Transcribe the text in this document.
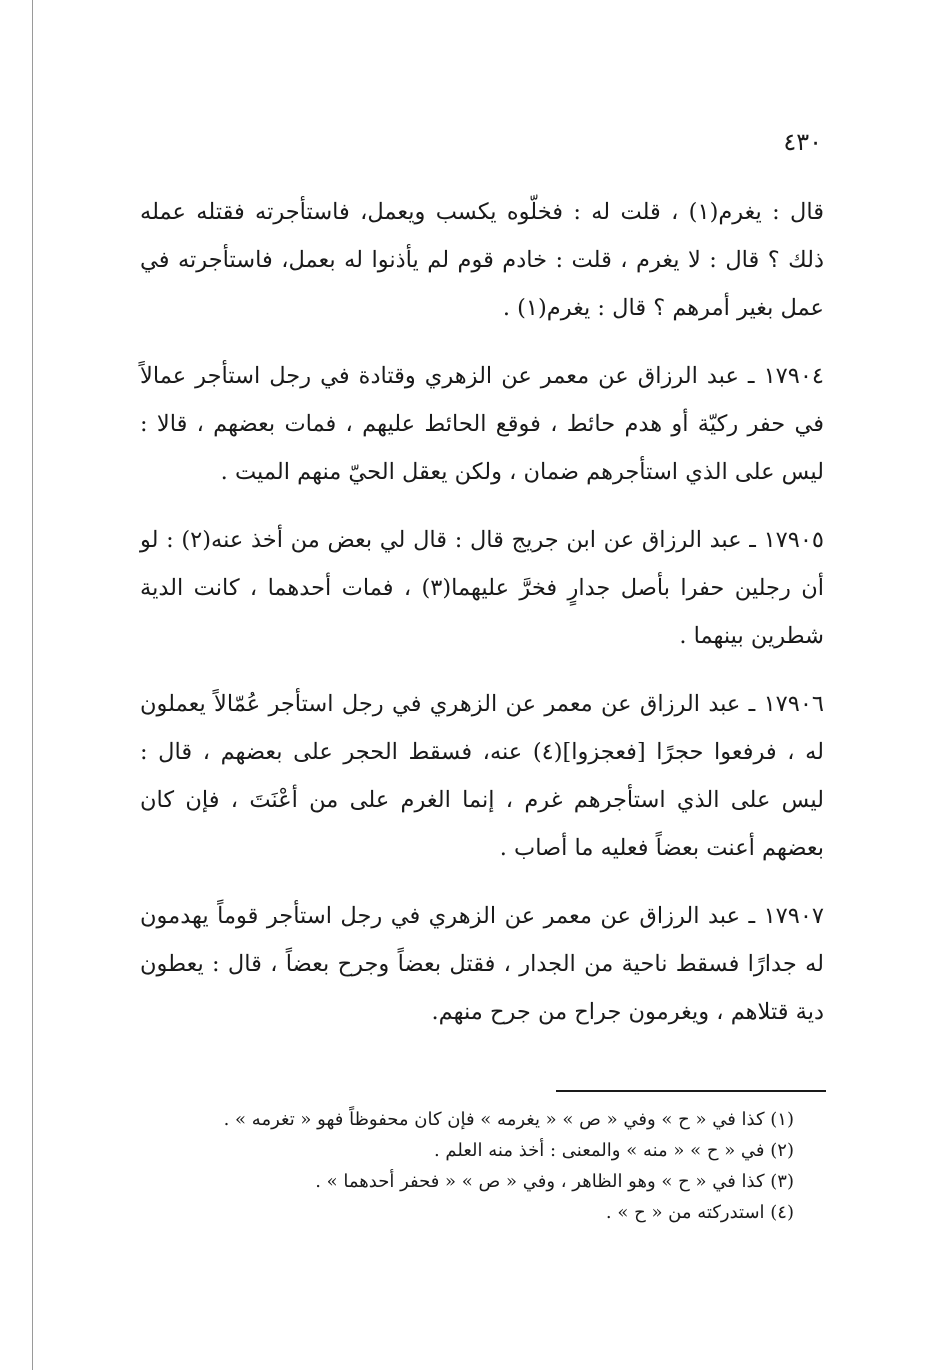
٤٣٠

قال : يغرم(١) ، قلت له : فخلّوه يكسب ويعمل، فاستأجرته فقتله عمله ذلك ؟ قال : لا يغرم ، قلت : خادم قوم لم يأذنوا له بعمل، فاستأجرته في عمل بغير أمرهم ؟ قال : يغرم(١) .

١٧٩٠٤ ـ عبد الرزاق عن معمر عن الزهري وقتادة في رجل استأجر عمالاً في حفر ركيّة أو هدم حائط ، فوقع الحائط عليهم ، فمات بعضهم ، قالا : ليس على الذي استأجرهم ضمان ، ولكن يعقل الحيّ منهم الميت .

١٧٩٠٥ ـ عبد الرزاق عن ابن جريج قال : قال لي بعض من أخذ عنه(٢) : لو أن رجلين حفرا بأصل جدارٍ فخرَّ عليهما(٣) ، فمات أحدهما ، كانت الدية شطرين بينهما .

١٧٩٠٦ ـ عبد الرزاق عن معمر عن الزهري في رجل استأجر عُمّالاً يعملون له ، فرفعوا حجرًا [فعجزوا](٤) عنه، فسقط الحجر على بعضهم ، قال : ليس على الذي استأجرهم غرم ، إنما الغرم على من أعْنَتَ ، فإن كان بعضهم أعنت بعضاً فعليه ما أصاب .

١٧٩٠٧ ـ عبد الرزاق عن معمر عن الزهري في رجل استأجر قوماً يهدمون له جدارًا فسقط ناحية من الجدار ، فقتل بعضاً وجرح بعضاً ، قال : يعطون دية قتلاهم ، ويغرمون جراح من جرح منهم.

(١) كذا في « ح » وفي « ص » « يغرمه » فإن كان محفوظاً فهو « تغرمه » .

(٢) في « ح » « منه » والمعنى : أخذ منه العلم .

(٣) كذا في « ح » وهو الظاهر ، وفي « ص » « فحفر أحدهما » .

(٤) استدركته من « ح » .
